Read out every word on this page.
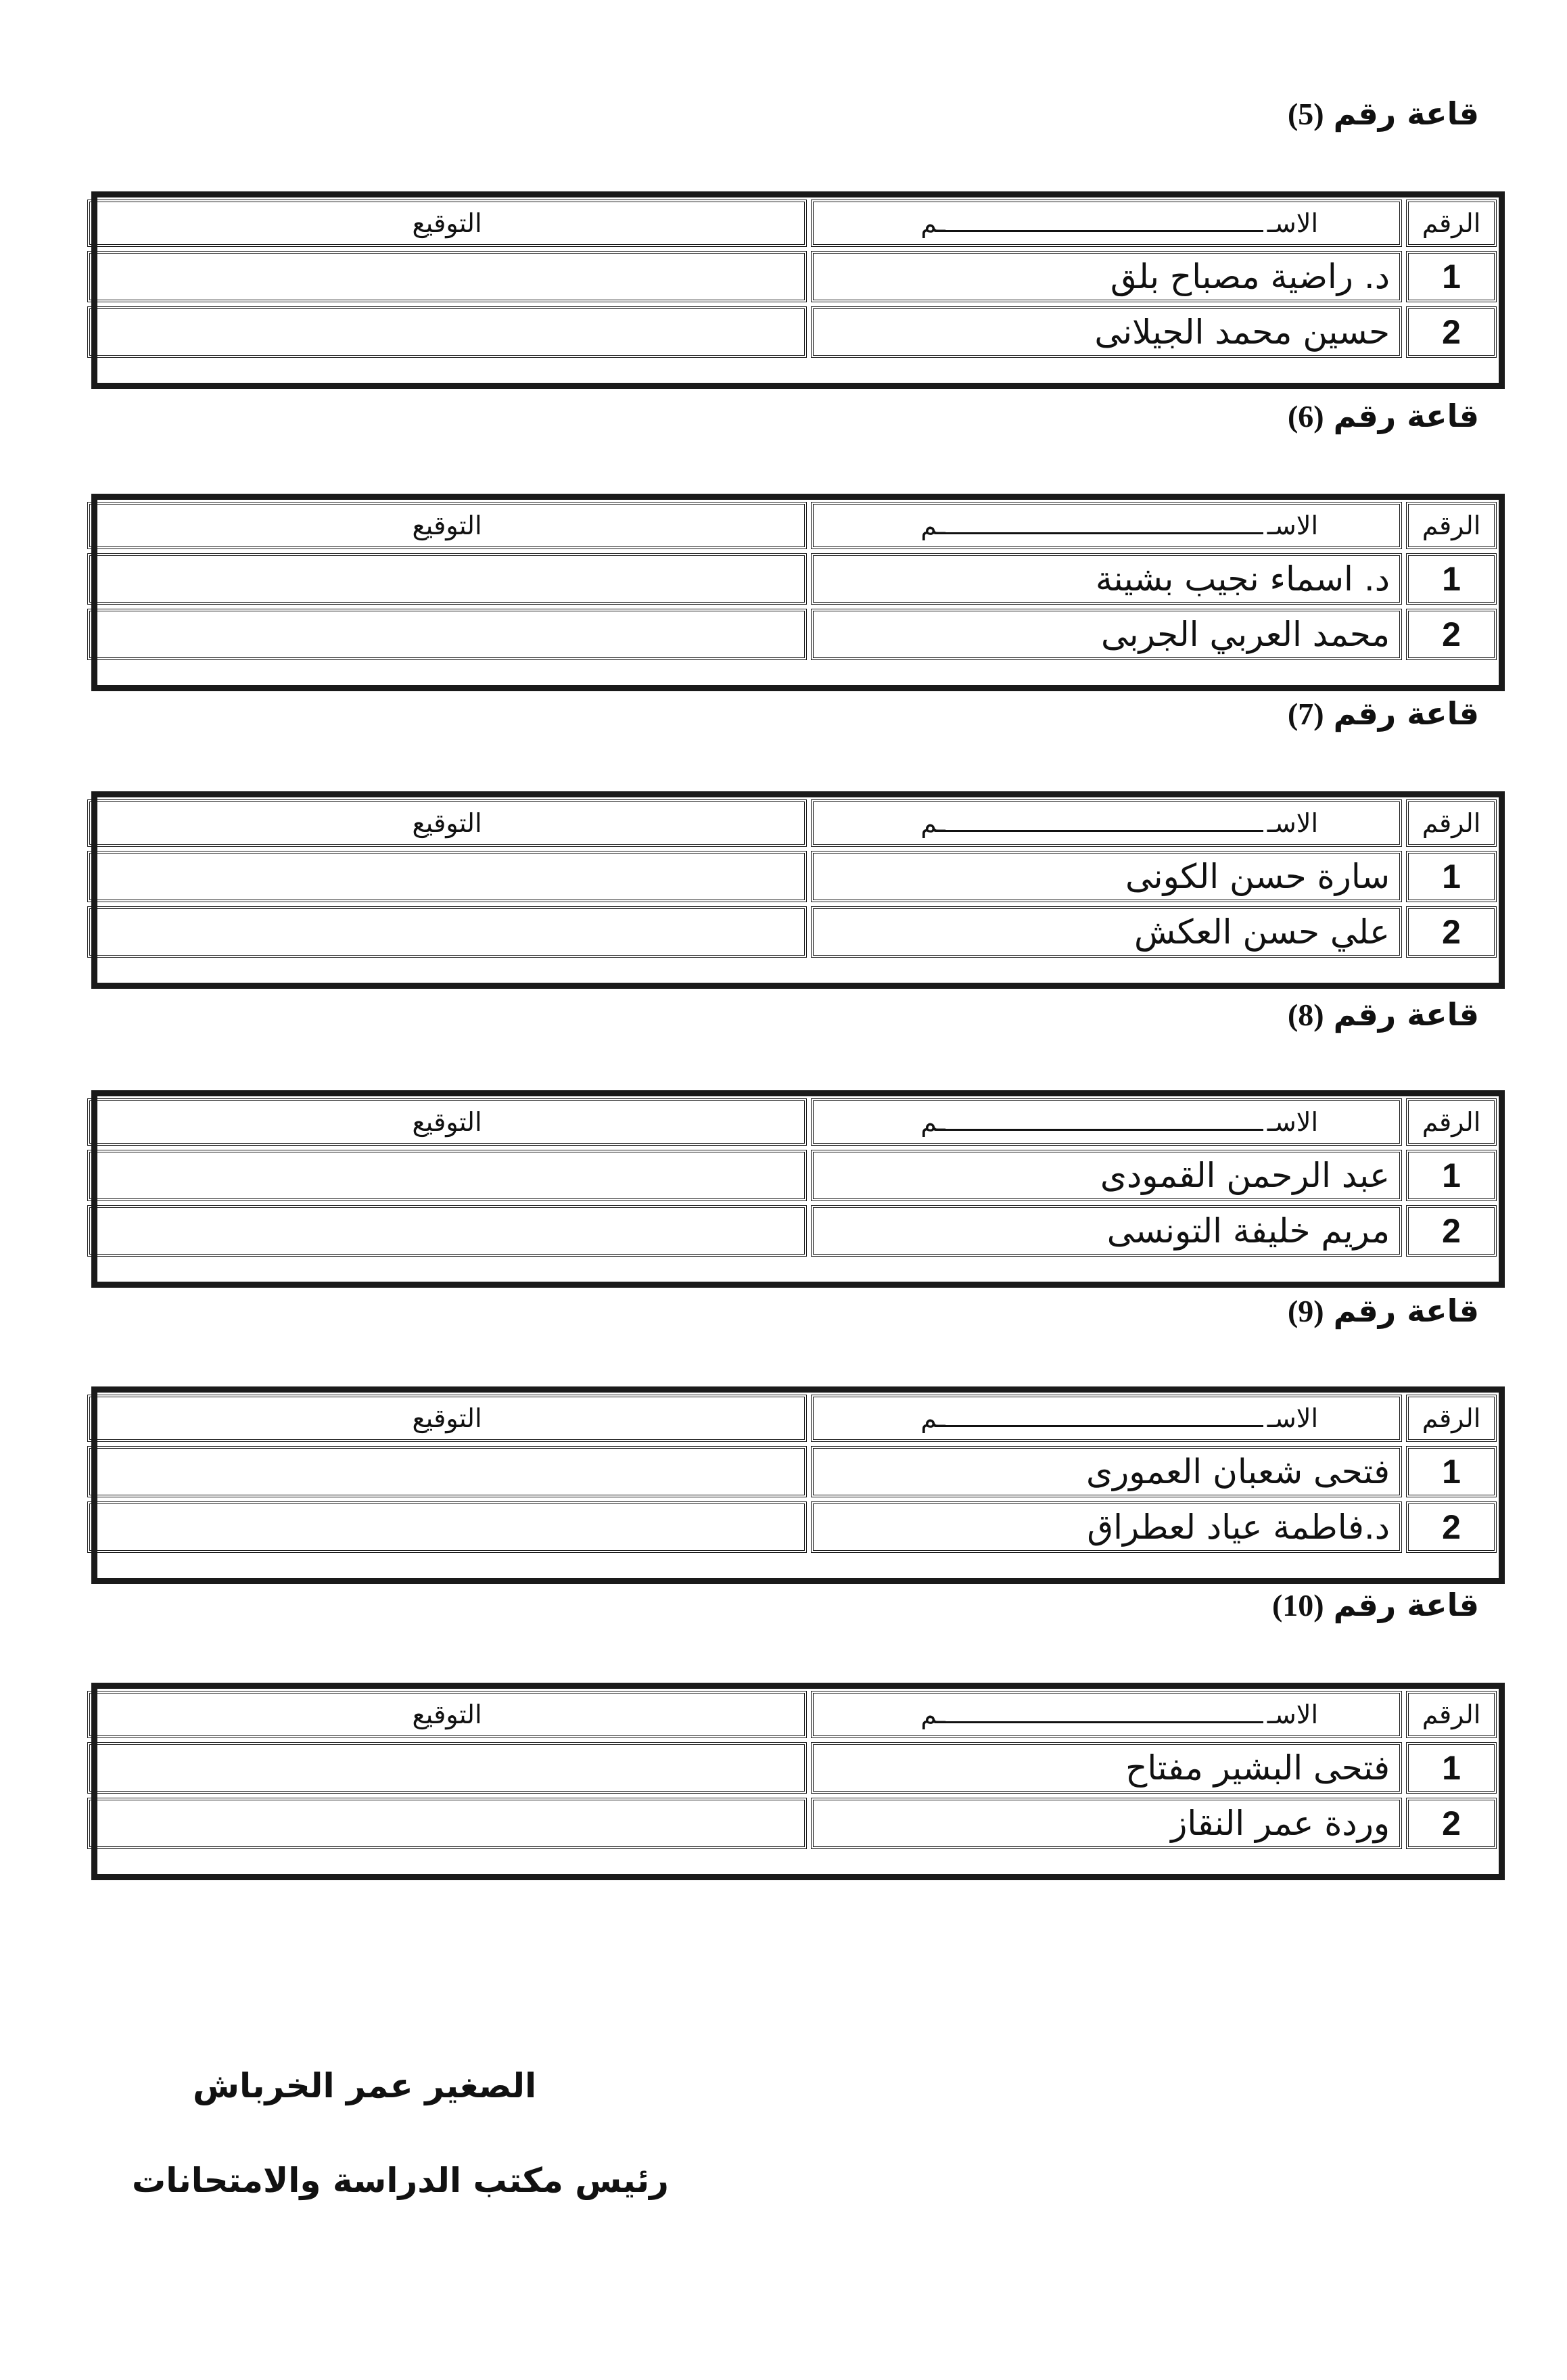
قاعة رقم(5)
الرقم
الاسـ
ـم
التوقيع
1
د. راضية مصباح بلق
2
حسين محمد الجيلانى
قاعة رقم(6)
الرقم
الاسـ
ـم
التوقيع
1
د. اسماء نجيب بشينة
2
محمد العربي الجربى
قاعة رقم(7)
الرقم
الاسـ
ـم
التوقيع
1
سارة حسن الكونى
2
علي حسن العكش
قاعة رقم(8)
الرقم
الاسـ
ـم
التوقيع
1
عبد الرحمن القمودى
2
مريم خليفة التونسى
قاعة رقم(9)
الرقم
الاسـ
ـم
التوقيع
1
فتحى شعبان العمورى
2
د.فاطمة عياد لعطراق
قاعة رقم(10)
الرقم
الاسـ
ـم
التوقيع
1
فتحى البشير مفتاح
2
وردة عمر النقاز
الصغير عمر الخرباش
رئيس مكتب الدراسة والامتحانات
